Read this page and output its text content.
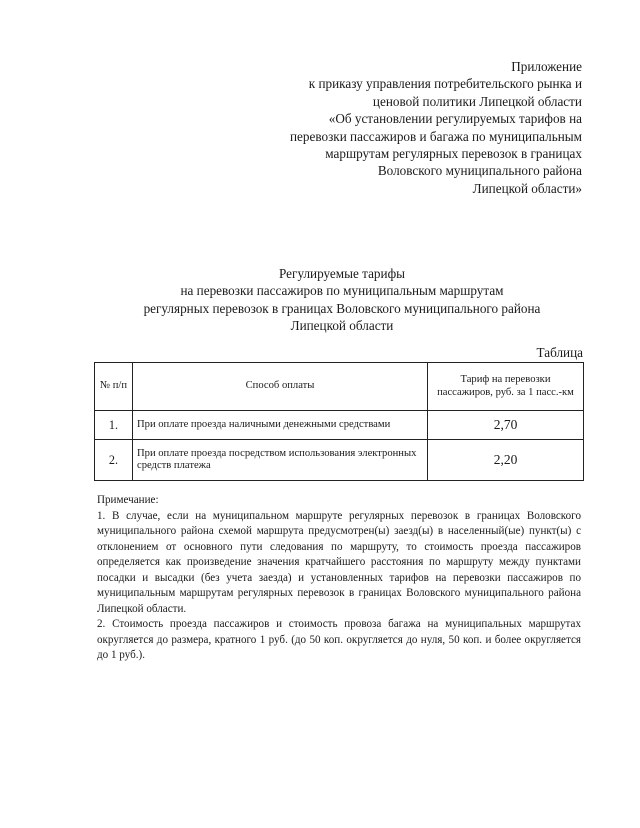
Приложение
к приказу управления потребительского рынка и
ценовой политики Липецкой области
«Об установлении регулируемых тарифов на
перевозки пассажиров и багажа по муниципальным
маршрутам регулярных перевозок в границах
Воловского муниципального района
Липецкой области»
Регулируемые тарифы
на перевозки пассажиров по муниципальным маршрутам
регулярных перевозок в границах Воловского муниципального района
Липецкой области
Таблица
№ п/п	Способ оплаты	Тариф на перевозки пассажиров, руб. за 1 пасс.-км
1.	При оплате проезда наличными денежными средствами	2,70
2.	При оплате проезда посредством использования электронных средств платежа	2,20

Примечание:

1. В случае, если на муниципальном маршруте регулярных перевозок в границах Воловского муниципального района схемой маршрута предусмотрен(ы) заезд(ы) в населенный(ые) пункт(ы) с отклонением от основного пути следования по маршруту, то стоимость проезда пассажиров определяется как произведение значения кратчайшего расстояния по маршруту между пунктами посадки и высадки (без учета заезда) и установленных тарифов на перевозки пассажиров по муниципальным маршрутам регулярных перевозок в границах Воловского муниципального района Липецкой области.

2. Стоимость проезда пассажиров и стоимость провоза багажа на муниципальных маршрутах округляется до размера, кратного 1 руб. (до 50 коп. округляется до нуля, 50 коп. и более округляется до 1 руб.).
